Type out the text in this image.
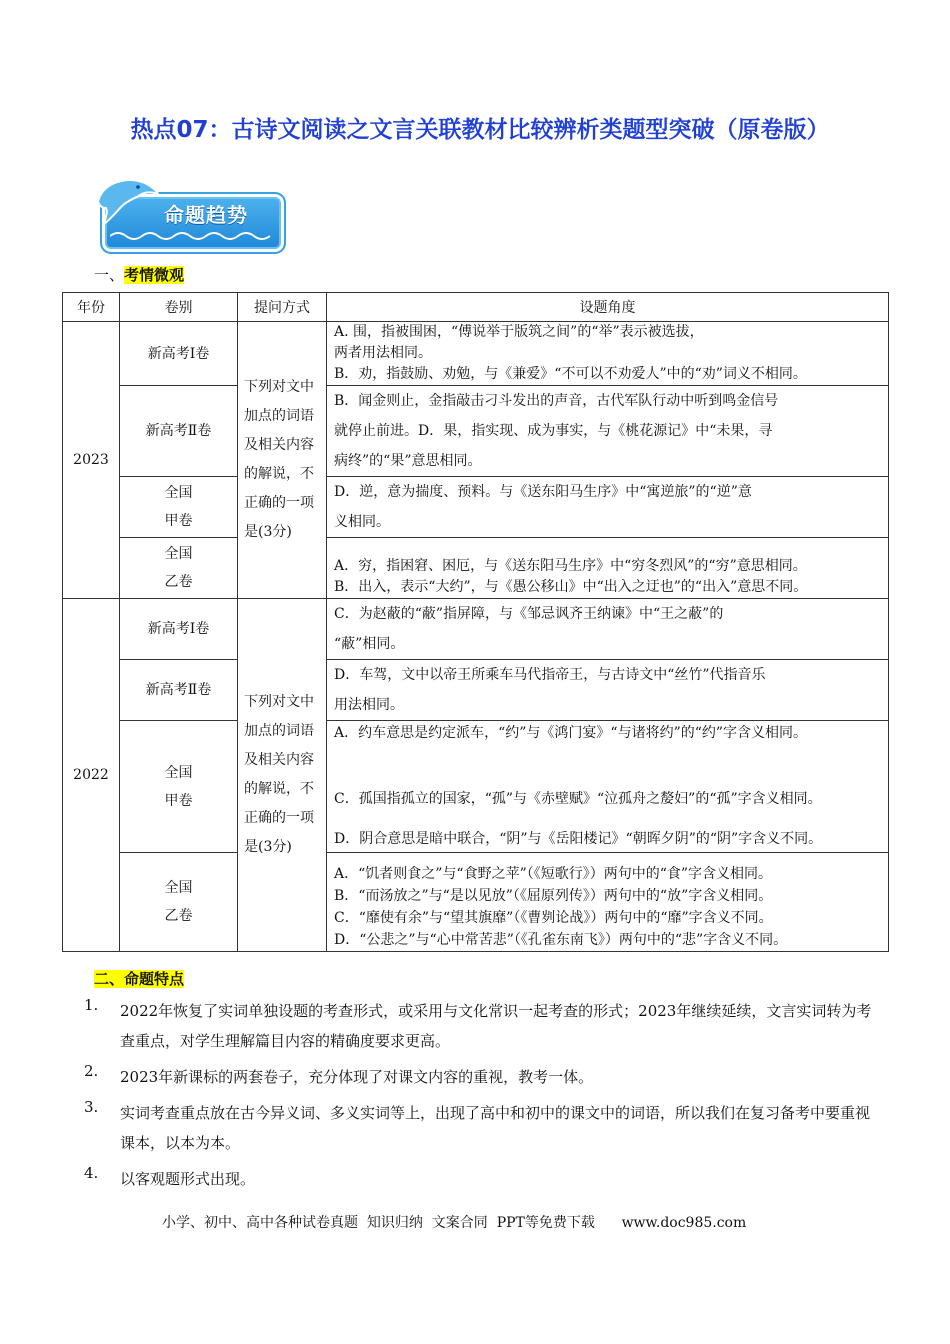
热点07：古诗文阅读之文言关联教材比较辨析类题型突破（原卷版）
命题趋势
一、考情微观
年份	卷别	提问方式	设题角度
2023	新高考Ⅰ卷	下列对文中加点的词语及相关内容的解说，不正确的一项是(3分)	A. 围，指被围困，“傅说举于版筑之间”的“举”表示被选拔，
两者用法相同。
B．劝，指鼓励、劝勉，与《兼爱》“不可以不劝爱人”中的“劝”词义不相同。

	新高考Ⅱ卷		B．闻金则止，金指敲击刁斗发出的声音，古代军队行动中听到鸣金信号
就停止前进。D．果，指实现、成为事实，与《桃花源记》中“未果，寻
病终”的“果”意思相同。

	全国甲卷		D．逆，意为揣度、预料。与《送东阳马生序》中“寓逆旅”的“逆”意
义相同。

	全国乙卷		A．穷，指困窘、困厄，与《送东阳马生序》中“穷冬烈风”的“穷”意思相同。
B．出入，表示“大约”，与《愚公移山》中“出入之迂也”的“出入”意思不同。

2022	新高考Ⅰ卷	下列对文中加点的词语及相关内容的解说，不正确的一项是(3分)	C．为赵蔽的“蔽”指屏障，与《邹忌讽齐王纳谏》中“王之蔽”的
“蔽”相同。

	新高考Ⅱ卷		D．车驾，文中以帝王所乘车马代指帝王，与古诗文中“丝竹”代指音乐
用法相同。

	全国甲卷		A．约车意思是约定派车，“约”与《鸿门宴》“与诸将约”的“约”字含义相同。
C．孤国指孤立的国家，“孤”与《赤壁赋》“泣孤舟之嫠妇”的“孤”字含义相同。
D．阴合意思是暗中联合，“阴”与《岳阳楼记》“朝晖夕阴”的“阴”字含义不同。

	全国乙卷		A．“饥者则食之”与“食野之苹”（《短歌行》）两句中的“食”字含义相同。
B．“而汤放之”与“是以见放”（《屈原列传》）两句中的“放”字含义相同。
C．“靡使有余”与“望其旗靡”（《曹刿论战》）两句中的“靡”字含义不同。
D．“公悲之”与“心中常苦悲”（《孔雀东南飞》）两句中的“悲”字含义不同。
二、命题特点
1.	2022年恢复了实词单独设题的考查形式，或采用与文化常识一起考查的形式；2023年继续延续，文言实词转为考查重点，对学生理解篇目内容的精确度要求更高。
2.	2023年新课标的两套卷子，充分体现了对课文内容的重视，教考一体。
3.	实词考查重点放在古今异义词、多义实词等上，出现了高中和初中的课文中的词语，所以我们在复习备考中要重视课本，以本为本。
4.	以客观题形式出现。
小学、初中、高中各种试卷真题  知识归纳  文案合同  PPT等免费下载      www.doc985.com
